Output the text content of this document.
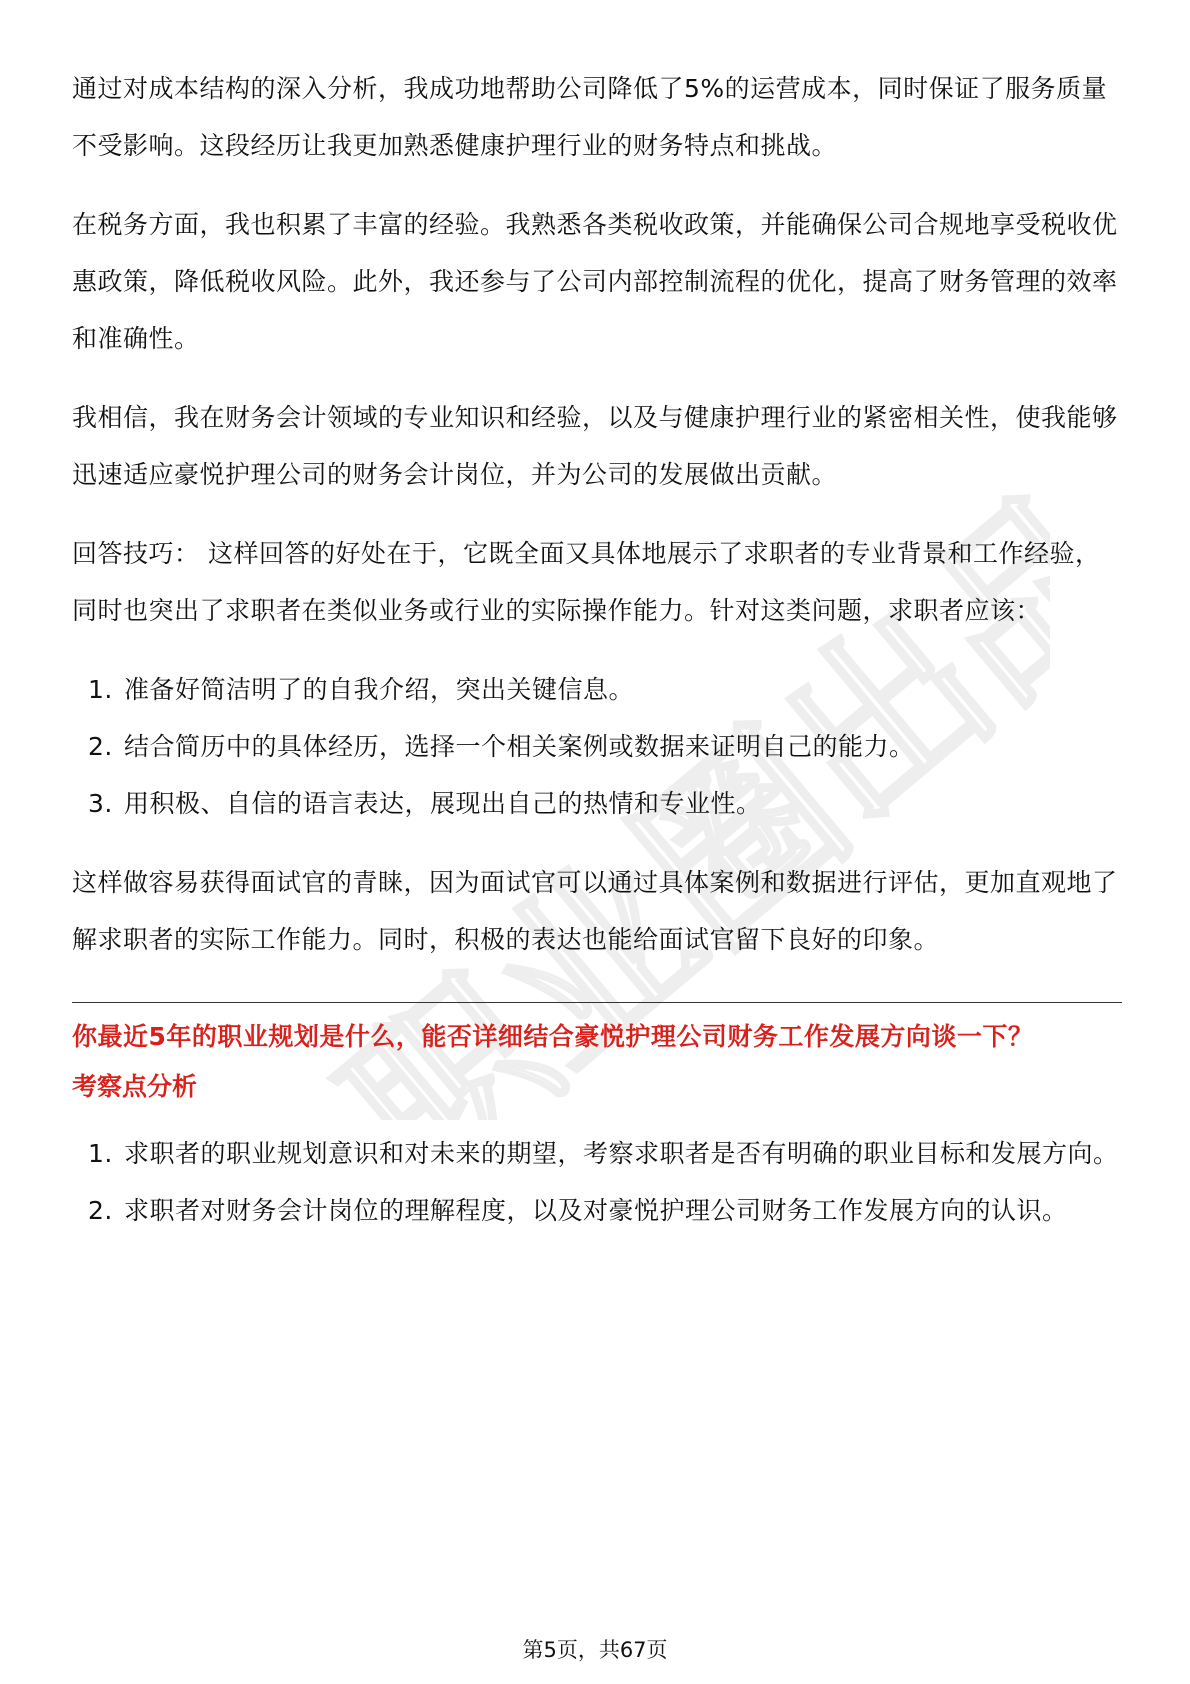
职业圈出品

通过对成本结构的深入分析，我成功地帮助公司降低了5%的运营成本，同时保证了服务质量不受影响。这段经历让我更加熟悉健康护理行业的财务特点和挑战。

在税务方面，我也积累了丰富的经验。我熟悉各类税收政策，并能确保公司合规地享受税收优惠政策，降低税收风险。此外，我还参与了公司内部控制流程的优化，提高了财务管理的效率和准确性。

我相信，我在财务会计领域的专业知识和经验，以及与健康护理行业的紧密相关性，使我能够迅速适应豪悦护理公司的财务会计岗位，并为公司的发展做出贡献。

回答技巧： 这样回答的好处在于，它既全面又具体地展示了求职者的专业背景和工作经验，同时也突出了求职者在类似业务或行业的实际操作能力。针对这类问题，求职者应该：

1. 准备好简洁明了的自我介绍，突出关键信息。
2. 结合简历中的具体经历，选择一个相关案例或数据来证明自己的能力。
3. 用积极、自信的语言表达，展现出自己的热情和专业性。

这样做容易获得面试官的青睐，因为面试官可以通过具体案例和数据进行评估，更加直观地了解求职者的实际工作能力。同时，积极的表达也能给面试官留下良好的印象。

你最近5年的职业规划是什么，能否详细结合豪悦护理公司财务工作发展方向谈一下？

考察点分析

1. 求职者的职业规划意识和对未来的期望，考察求职者是否有明确的职业目标和发展方向。
2. 求职者对财务会计岗位的理解程度，以及对豪悦护理公司财务工作发展方向的认识。
第5页，共67页
